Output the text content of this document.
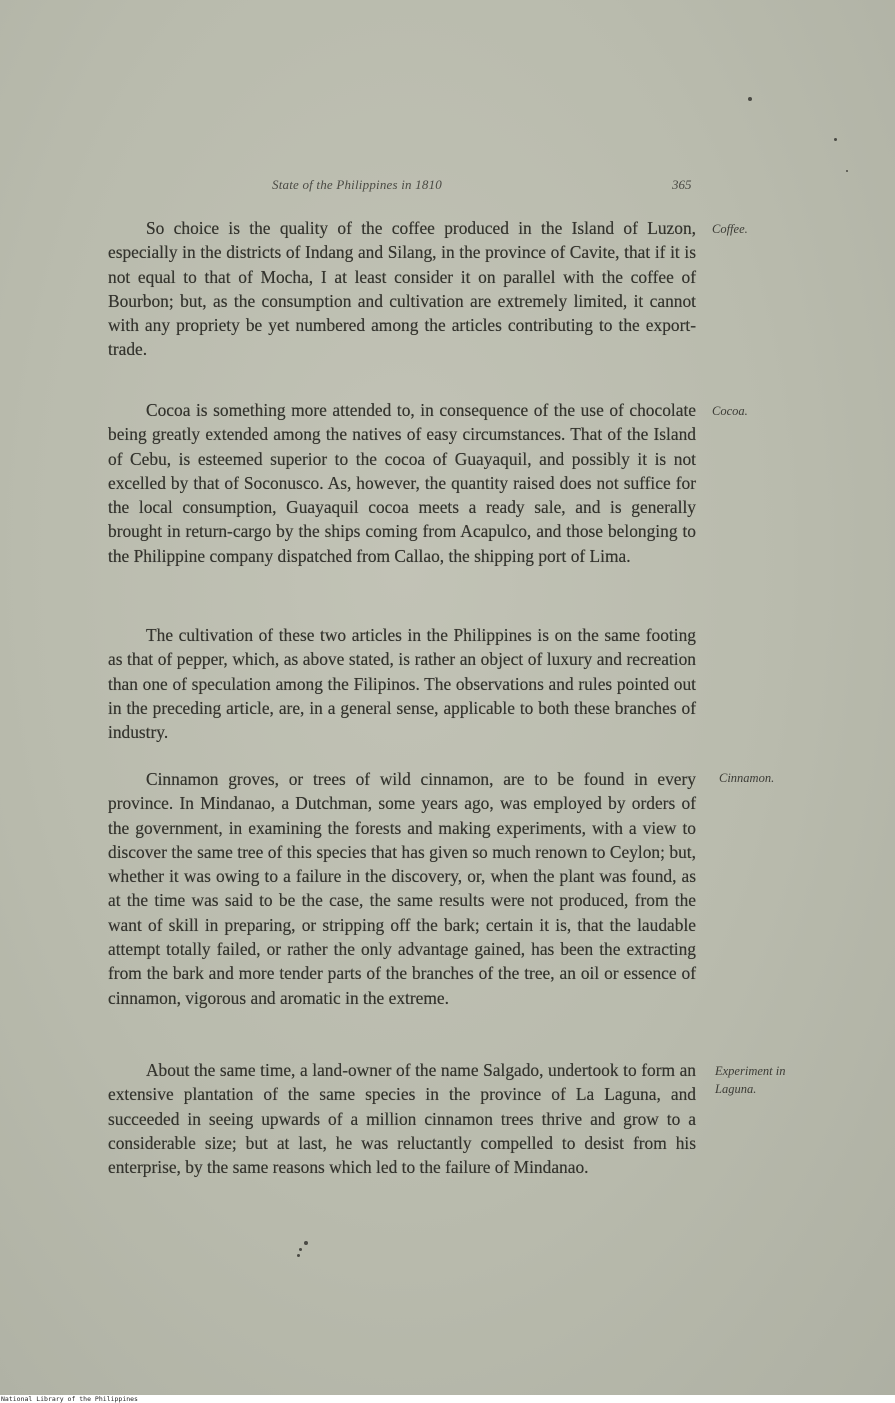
State of the Philippines in 1810	365

So choice is the quality of the coffee produced in the Island of Luzon, especially in the districts of Indang and Silang, in the province of Cavite, that if it is not equal to that of Mocha, I at least consider it on parallel with the coffee of Bourbon; but, as the consumption and cultivation are extremely limited, it cannot with any propriety be yet numbered among the articles contributing to the export-trade.

Cocoa is something more attended to, in consequence of the use of chocolate being greatly extended among the natives of easy circumstances. That of the Island of Cebu, is esteemed superior to the cocoa of Guayaquil, and possibly it is not excelled by that of Soconusco. As, however, the quantity raised does not suffice for the local consumption, Guayaquil cocoa meets a ready sale, and is generally brought in return-cargo by the ships coming from Acapulco, and those belonging to the Philippine company dispatched from Callao, the shipping port of Lima.

The cultivation of these two articles in the Philippines is on the same footing as that of pepper, which, as above stated, is rather an object of luxury and recreation than one of speculation among the Filipinos. The observations and rules pointed out in the preceding article, are, in a general sense, applicable to both these branches of industry.

Cinnamon groves, or trees of wild cinnamon, are to be found in every province. In Mindanao, a Dutchman, some years ago, was employed by orders of the government, in examining the forests and making experiments, with a view to discover the same tree of this species that has given so much renown to Ceylon; but, whether it was owing to a failure in the discovery, or, when the plant was found, as at the time was said to be the case, the same results were not produced, from the want of skill in preparing, or stripping off the bark; certain it is, that the laudable attempt totally failed, or rather the only advantage gained, has been the extracting from the bark and more tender parts of the branches of the tree, an oil or essence of cinnamon, vigorous and aromatic in the extreme.

About the same time, a land-owner of the name Salgado, undertook to form an extensive plantation of the same species in the province of La Laguna, and succeeded in seeing upwards of a million cinnamon trees thrive and grow to a considerable size; but at last, he was reluctantly compelled to desist from his enterprise, by the same reasons which led to the failure of Mindanao.

Coffee.
Cocoa.
Cinnamon.
Experiment in
Laguna.
National Library of the Philippines
